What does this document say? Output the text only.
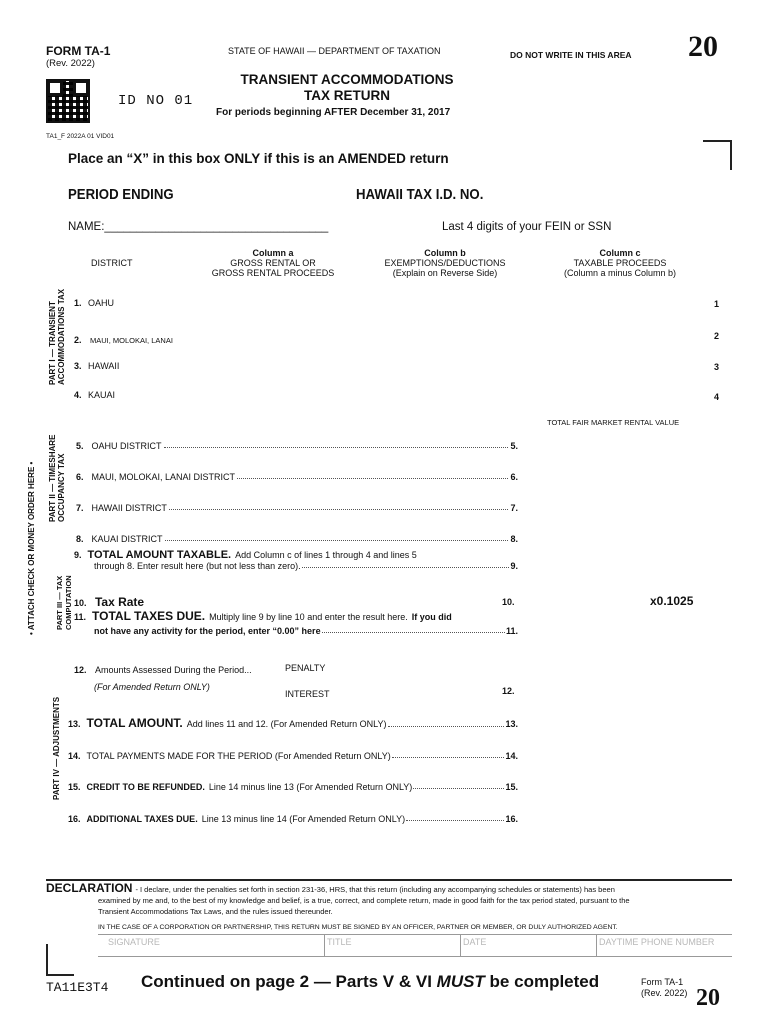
FORM TA-1
(Rev. 2022)
STATE OF HAWAII — DEPARTMENT OF TAXATION	DO NOT WRITE IN THIS AREA 20
ID NO 01
TRANSIENT ACCOMMODATIONS
TAX RETURN
For periods beginning AFTER December 31, 2017
TA1_F 2022A 01 VID01
Place an “X” in this box ONLY if this is an AMENDED return
PERIOD ENDING	HAWAII TAX I.D. NO.
NAME:___________________________________	Last 4 digits of your FEIN or SSN
DISTRICT
Column a
GROSS RENTAL OR
GROSS RENTAL PROCEEDS
Column b
EXEMPTIONS/DEDUCTIONS
(Explain on Reverse Side)
Column c
TAXABLE PROCEEDS
(Column a minus Column b)
• ATTACH CHECK OR MONEY ORDER HERE •
PART I — TRANSIENT ACCOMMODATIONS TAX
PART II — TIMESHARE OCCUPANCY TAX
PART III — TAX COMPUTATION
PART IV — ADJUSTMENTS
1. OAHU	1
2. MAUI, MOLOKAI, LANAI	2
3. HAWAII	3
4. KAUAI	4
TOTAL FAIR MARKET RENTAL VALUE
5. OAHU DISTRICT	5.
6. MAUI, MOLOKAI, LANAI DISTRICT	6.
7. HAWAII DISTRICT	7.
8. KAUAI DISTRICT	8.
9. TOTAL AMOUNT TAXABLE. Add Column c of lines 1 through 4 and lines 5
through 8. Enter result here (but not less than zero).	9.
10. Tax Rate	10.	x0.1025
11. TOTAL TAXES DUE. Multiply line 9 by line 10 and enter the result here. If you did
not have any activity for the period, enter “0.00” here	11.
12. Amounts Assessed During the Period...
(For Amended Return ONLY)
PENALTY
INTEREST	12.
13. TOTAL AMOUNT. Add lines 11 and 12. (For Amended Return ONLY)	13.
14. TOTAL PAYMENTS MADE FOR THE PERIOD (For Amended Return ONLY)	14.
15. CREDIT TO BE REFUNDED. Line 14 minus line 13 (For Amended Return ONLY)	15.
16. ADDITIONAL TAXES DUE. Line 13 minus line 14 (For Amended Return ONLY)	16.
DECLARATION - I declare, under the penalties set forth in section 231-36, HRS, that this return (including any accompanying schedules or statements) has been
examined by me and, to the best of my knowledge and belief, is a true, correct, and complete return, made in good faith for the tax period stated, pursuant to the
Transient Accommodations Tax Laws, and the rules issued thereunder.
IN THE CASE OF A CORPORATION OR PARTNERSHIP, THIS RETURN MUST BE SIGNED BY AN OFFICER, PARTNER OR MEMBER, OR DULY AUTHORIZED AGENT.
SIGNATURE	TITLE	DATE	DAYTIME PHONE NUMBER
TA11E3T4 Continued on page 2 — Parts V & VI MUST be completed	Form TA-1
(Rev. 2022) 20
